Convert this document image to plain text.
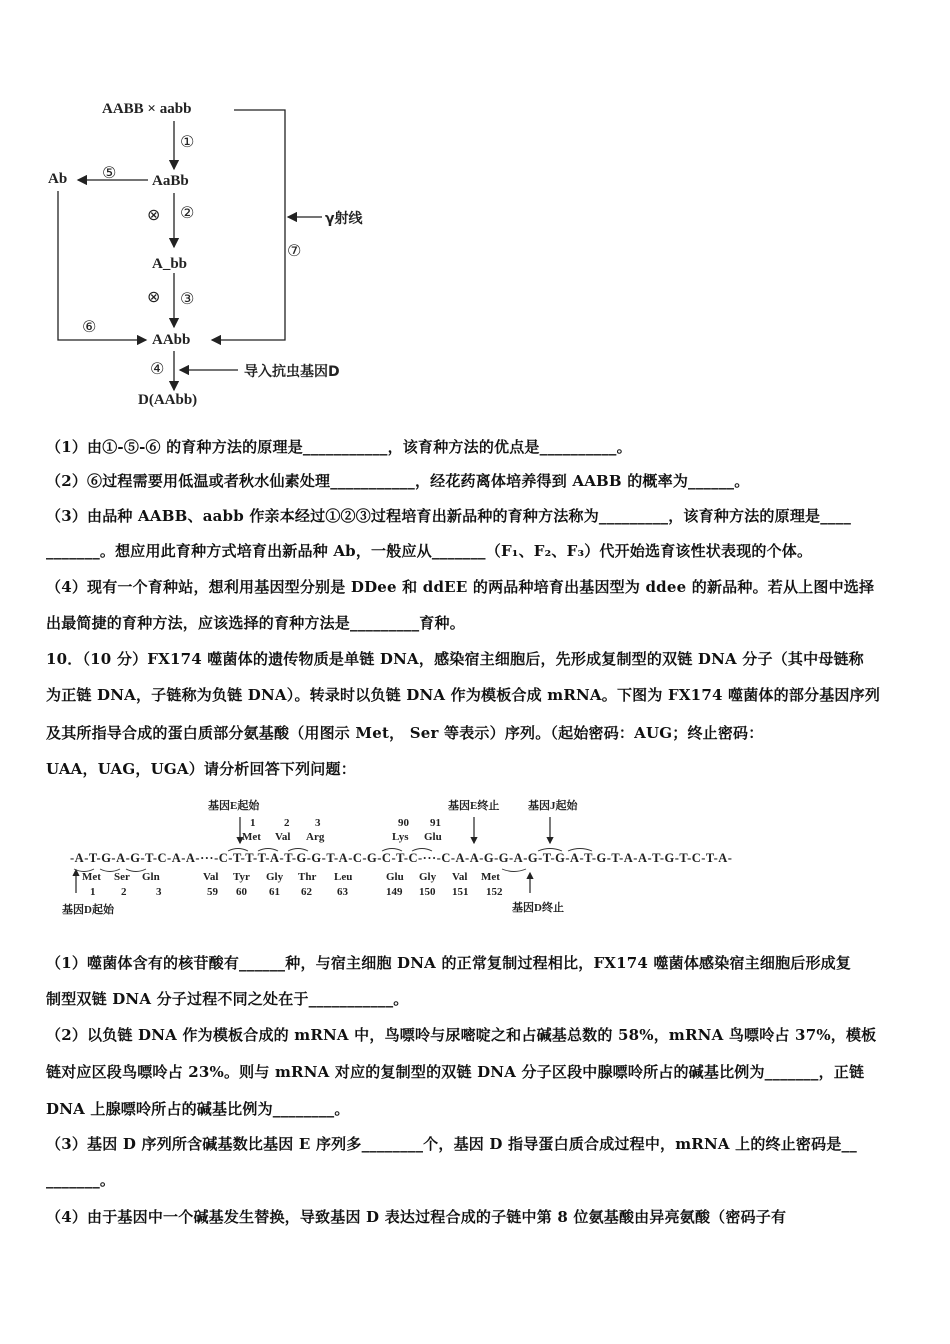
AABB × aabb
①
AaBb
Ab ⑤
⊗ ②
A_bb
⊗ ③
⑥
AAbb
⑦
γ射线
④	导入抗虫基因D
D(AAbb)
（1）由①-⑤-⑥ 的育种方法的原理是___________，该育种方法的优点是__________。
（2）⑥过程需要用低温或者秋水仙素处理___________，经花药离体培养得到 AABB 的概率为______。
（3）由品种 AABB、aabb 作亲本经过①②③过程培育出新品种的育种方法称为_________，该育种方法的原理是____
_______。想应用此育种方式培育出新品种 Ab，一般应从_______（F₁、F₂、F₃）代开始选育该性状表现的个体。
（4）现有一个育种站，想利用基因型分别是 DDee 和 ddEE 的两品种培育出基因型为 ddee 的新品种。若从上图中选择
出最简捷的育种方法，应该选择的育种方法是_________育种。
10．（10 分）FX174 噬菌体的遗传物质是单链 DNA，感染宿主细胞后，先形成复制型的双链 DNA 分子（其中母链称
为正链 DNA，子链称为负链 DNA）。转录时以负链 DNA 作为模板合成 mRNA。下图为 FX174 噬菌体的部分基因序列
及其所指导合成的蛋白质部分氨基酸（用图示 Met， Ser 等表示）序列。（起始密码：AUG；终止密码：
UAA，UAG，UGA）请分析回答下列问题：
基因E起始	基因E终止	基因J起始
1	2 3	90 91
Met Val Arg	Lys Glu
-A-T-G-A-G-T-C-A-A-···-C-T-T-T-A-T-G-G-T-A-C-G-C-T-C-···-C-A-A-G-G-A-G-T-G-A-T-G-T-A-A-T-G-T-C-T-A-
Met Ser Gln	Val Tyr Gly Thr Leu	Glu Gly Val Met
1 2	3	59 60 61 62 63	149 150 151 152
基因D起始	基因D终止
（1）噬菌体含有的核苷酸有______种，与宿主细胞 DNA 的正常复制过程相比，FX174 噬菌体感染宿主细胞后形成复
制型双链 DNA 分子过程不同之处在于___________。
（2）以负链 DNA 作为模板合成的 mRNA 中，鸟嘌呤与尿嘧啶之和占碱基总数的 58%，mRNA 鸟嘌呤占 37%，模板
链对应区段鸟嘌呤占 23%。则与 mRNA 对应的复制型的双链 DNA 分子区段中腺嘌呤所占的碱基比例为_______，正链
DNA 上腺嘌呤所占的碱基比例为________。
（3）基因 D 序列所含碱基数比基因 E 序列多________个，基因 D 指导蛋白质合成过程中，mRNA 上的终止密码是__
_______。
（4）由于基因中一个碱基发生替换，导致基因 D 表达过程合成的子链中第 8 位氨基酸由异亮氨酸（密码子有
